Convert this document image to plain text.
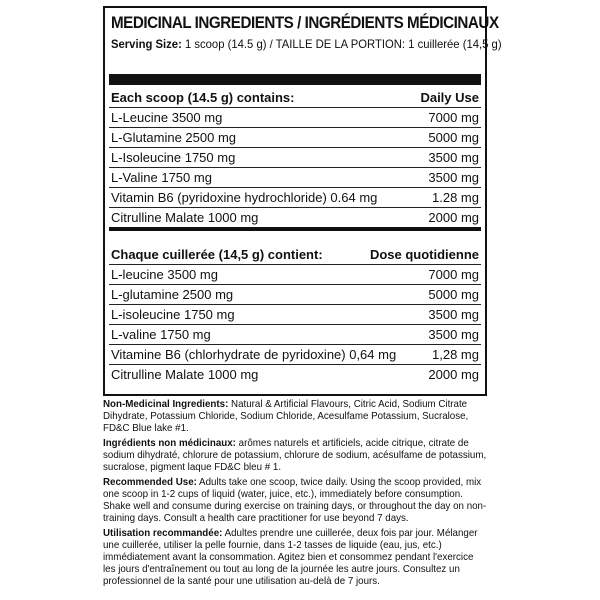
MEDICINAL INGREDIENTS / INGRÉDIENTS MÉDICINAUX
Serving Size: 1 scoop (14.5 g) / TAILLE DE LA PORTION: 1 cuillerée (14,5 g)
Each scoop (14.5 g) contains:	Daily Use
L-Leucine 3500 mg	7000 mg
L-Glutamine 2500 mg	5000 mg
L-Isoleucine 1750 mg	3500 mg
L-Valine 1750 mg	3500 mg
Vitamin B6 (pyridoxine hydrochloride) 0.64 mg	1.28 mg
Citrulline Malate 1000 mg	2000 mg
Chaque cuillerée (14,5 g) contient:	Dose quotidienne
L-leucine 3500 mg	7000 mg
L-glutamine 2500 mg	5000 mg
L-isoleucine 1750 mg	3500 mg
L-valine 1750 mg	3500 mg
Vitamine B6 (chlorhydrate de pyridoxine) 0,64 mg	1,28 mg
Citrulline Malate 1000 mg	2000 mg

Non-Medicinal Ingredients: Natural & Artificial Flavours, Citric Acid, Sodium Citrate Dihydrate, Potassium Chloride, Sodium Chloride, Acesulfame Potassium, Sucralose, FD&C Blue lake #1.

Ingrédients non médicinaux: arômes naturels et artificiels, acide citrique, citrate de sodium dihydraté, chlorure de potassium, chlorure de sodium, acésulfame de potassium, sucralose, pigment laque FD&C bleu # 1.

Recommended Use: Adults take one scoop, twice daily. Using the scoop provided, mix one scoop in 1-2 cups of liquid (water, juice, etc.), immediately before consumption. Shake well and consume during exercise on training days, or throughout the day on non-training days. Consult a health care practitioner for use beyond 7 days.

Utilisation recommandée: Adultes prendre une cuillerée, deux fois par jour. Mélanger une cuillerée, utiliser la pelle fournie, dans 1-2 tasses de liquide (eau, jus, etc.) immédiatement avant la consommation. Agitez bien et consommez pendant l'exercice les jours d'entraînement ou tout au long de la journée les autre jours. Consultez un professionnel de la santé pour une utilisation au-delà de 7 jours.
